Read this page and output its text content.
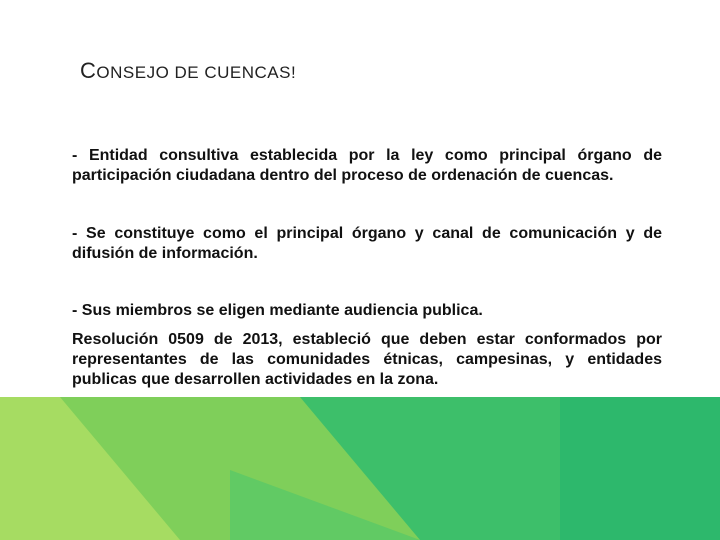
CONSEJO DE CUENCAS!

- Entidad consultiva establecida por la ley como principal órgano de participación ciudadana dentro del proceso de ordenación de cuencas.

- Se constituye como el principal órgano y canal de comunicación y de difusión de información.

- Sus miembros se eligen mediante audiencia publica.

Resolución 0509 de 2013, estableció que deben estar conformados por representantes de las comunidades étnicas, campesinas, y entidades publicas que desarrollen actividades en la zona.
